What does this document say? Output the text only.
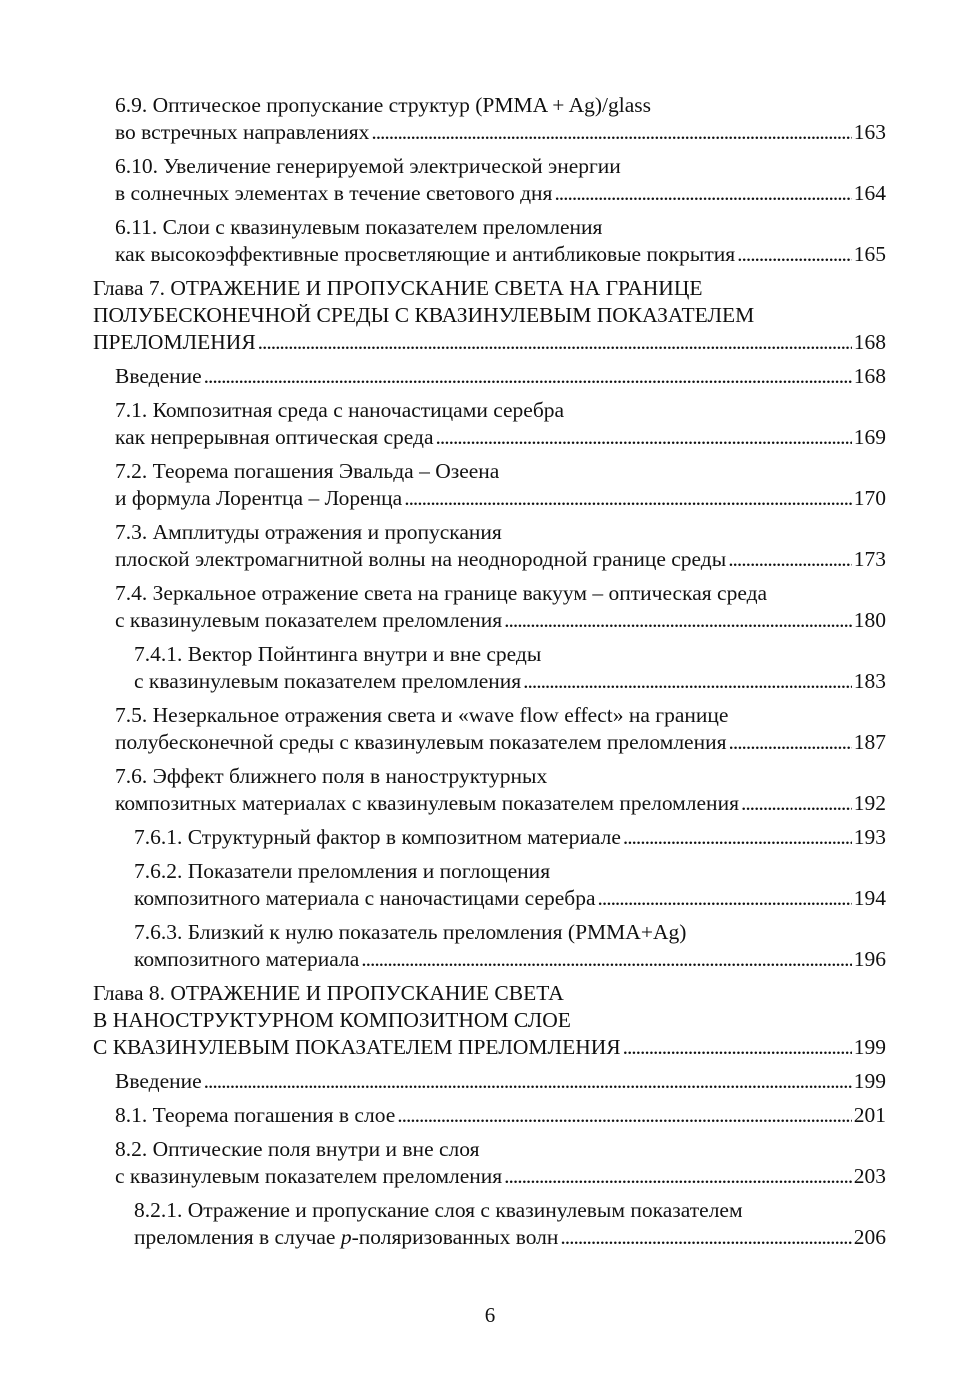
6.9. Оптическое пропускание структур (PMMA + Ag)/glass
во встречных направлениях . . .	163
6.10. Увеличение генерируемой электрической энергии
в солнечных элементах в течение светового дня . . .	164
6.11. Слои с квазинулевым показателем преломления
как высокоэффективные просветляющие и антибликовые покрытия . . .	165
Глава 7. ОТРАЖЕНИЕ И ПРОПУСКАНИЕ СВЕТА НА ГРАНИЦЕ
ПОЛУБЕСКОНЕЧНОЙ СРЕДЫ С КВАЗИНУЛЕВЫМ ПОКАЗАТЕЛЕМ
ПРЕЛОМЛЕНИЯ . . .	168
Введение . . .	168
7.1. Композитная среда с наночастицами серебра
как непрерывная оптическая среда . . .	169
7.2. Теорема погашения Эвальда – Озеена
и формула Лорентца – Лоренца . . .	170
7.3. Амплитуды отражения и пропускания
плоской электромагнитной волны на неоднородной границе среды . . .	173
7.4. Зеркальное отражение света на границе вакуум – оптическая среда
с квазинулевым показателем преломления . . .	180
7.4.1. Вектор Пойнтинга внутри и вне среды
с квазинулевым показателем преломления . . .	183
7.5. Незеркальное отражения света и «wave flow effect» на границе
полубесконечной среды с квазинулевым показателем преломления . . .	187
7.6. Эффект ближнего поля в наноструктурных
композитных материалах с квазинулевым показателем преломления . . .	192
7.6.1. Структурный фактор в композитном материале . . .	193
7.6.2. Показатели преломления и поглощения
композитного материала с наночастицами серебра . . .	194
7.6.3. Близкий к нулю показатель преломления (PMMA+Ag)
композитного материала . . .	196
Глава 8. ОТРАЖЕНИЕ И ПРОПУСКАНИЕ СВЕТА
В НАНОСТРУКТУРНОМ КОМПОЗИТНОМ СЛОЕ
С КВАЗИНУЛЕВЫМ ПОКАЗАТЕЛЕМ ПРЕЛОМЛЕНИЯ . . .	199
Введение . . .	199
8.1. Теорема погашения в слое . . .	201
8.2. Оптические поля внутри и вне слоя
с квазинулевым показателем преломления . . .	203
8.2.1. Отражение и пропускание слоя с квазинулевым показателем
преломления в случае p-поляризованных волн . . .	206
6
